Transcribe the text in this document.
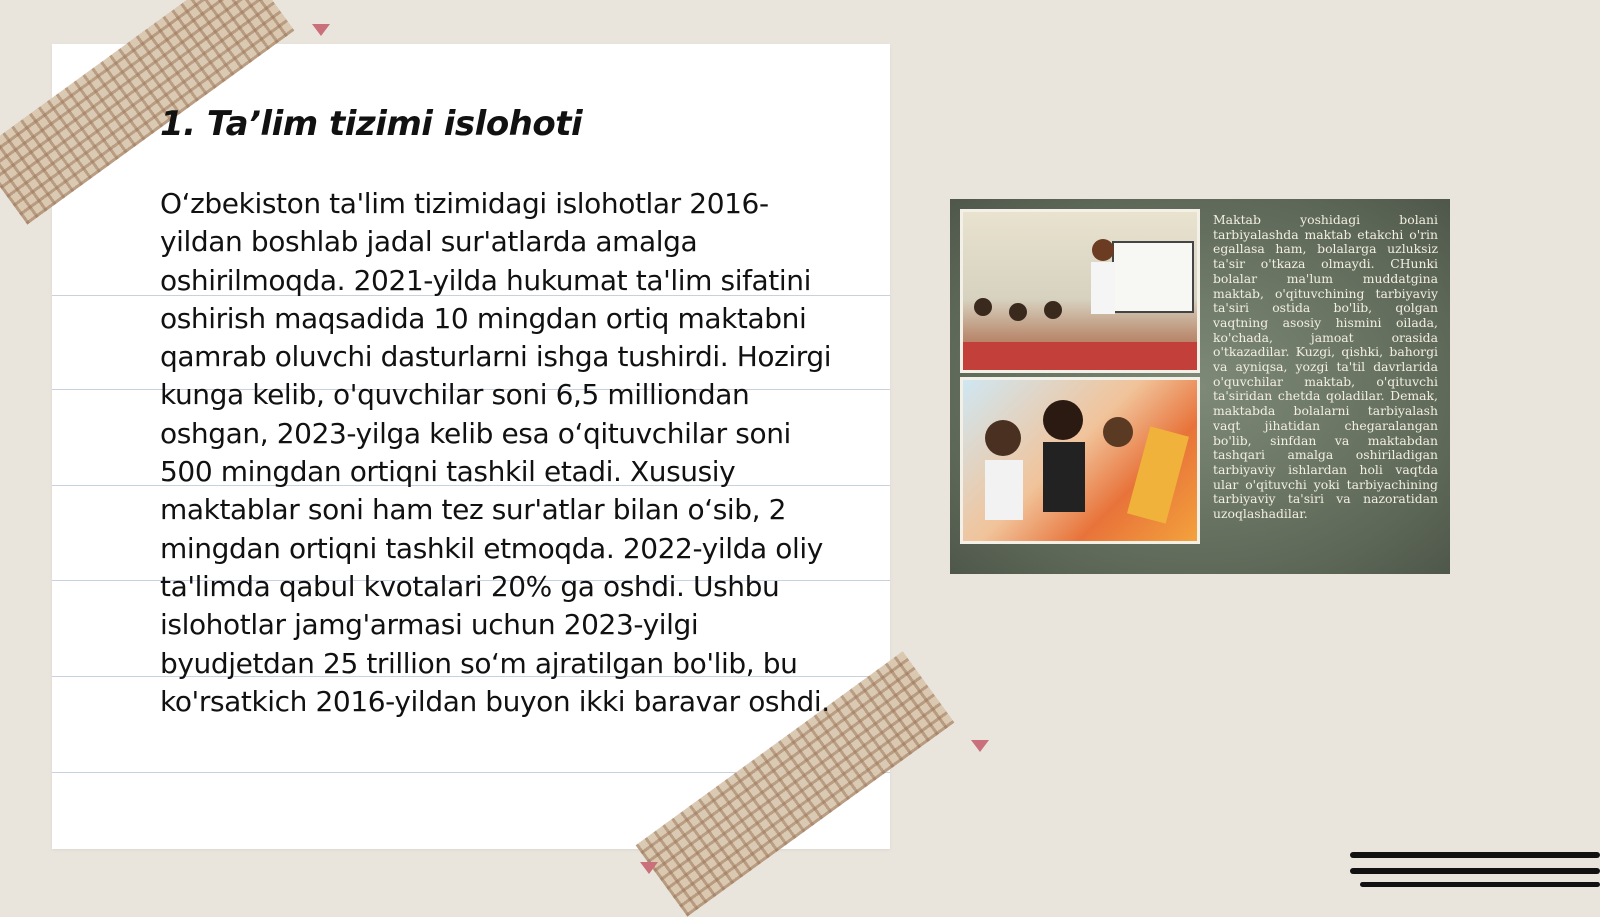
1. Ta’lim tizimi islohoti

O‘zbekiston ta'lim tizimidagi islohotlar 2016-yildan boshlab jadal sur'atlarda amalga oshirilmoqda. 2021-yilda hukumat ta'lim sifatini oshirish maqsadida 10 mingdan ortiq maktabni qamrab oluvchi dasturlarni ishga tushirdi. Hozirgi kunga kelib, o'quvchilar soni 6,5 milliondan oshgan, 2023-yilga kelib esa o‘qituvchilar soni 500 mingdan ortiqni tashkil etadi. Xususiy maktablar soni ham tez sur'atlar bilan o‘sib, 2 mingdan ortiqni tashkil etmoqda. 2022-yilda oliy ta'limda qabul kvotalari 20% ga oshdi. Ushbu islohotlar jamg'armasi uchun 2023-yilgi byudjetdan 25 trillion so‘m ajratilgan bo'lib, bu ko'rsatkich 2016-yildan buyon ikki baravar oshdi.

Maktab yoshidagi bolani tarbiyalashda maktab etakchi o'rin egallasa ham, bolalarga uzluksiz ta'sir o'tkaza olmaydi. CHunki bolalar ma'lum muddatgina maktab, o'qituvchining tarbiyaviy ta'siri ostida bo'lib, qolgan vaqtning asosiy hismini oilada, ko'chada, jamoat orasida o'tkazadilar. Kuzgi, qishki, bahorgi va ayniqsa, yozgi ta'til davrlarida o'quvchilar maktab, o'qituvchi ta'siridan chetda qoladilar. Demak, maktabda bolalarni tarbiyalash vaqt jihatidan chegaralangan bo'lib, sinfdan va maktabdan tashqari amalga oshiriladigan tarbiyaviy ishlardan holi vaqtda ular o'qituvchi yoki tarbiyachining tarbiyaviy ta'siri va nazoratidan uzoqlashadilar.
